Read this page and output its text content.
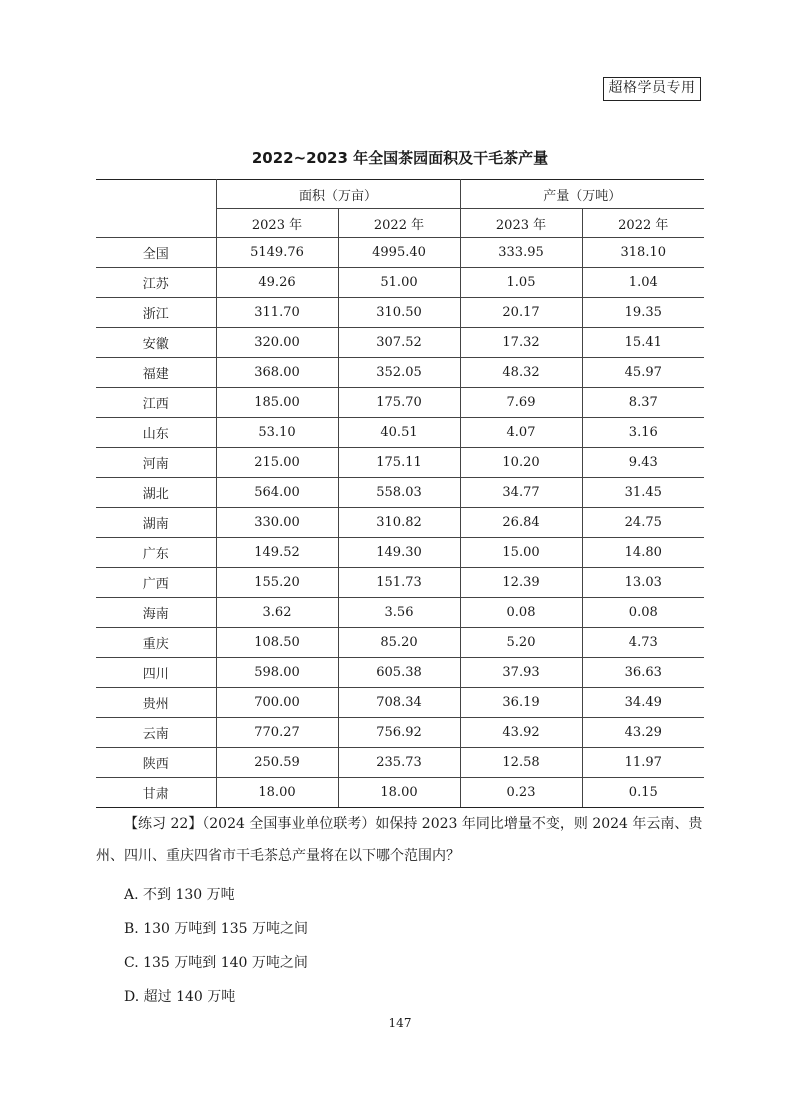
超格学员专用
2022~2023 年全国茶园面积及干毛茶产量
	面积（万亩）		产量（万吨）	
	2023 年	2022 年	2023 年	2022 年
全国	5149.76	4995.40	333.95	318.10
江苏	49.26	51.00	1.05	1.04
浙江	311.70	310.50	20.17	19.35
安徽	320.00	307.52	17.32	15.41
福建	368.00	352.05	48.32	45.97
江西	185.00	175.70	7.69	8.37
山东	53.10	40.51	4.07	3.16
河南	215.00	175.11	10.20	9.43
湖北	564.00	558.03	34.77	31.45
湖南	330.00	310.82	26.84	24.75
广东	149.52	149.30	15.00	14.80
广西	155.20	151.73	12.39	13.03
海南	3.62	3.56	0.08	0.08
重庆	108.50	85.20	5.20	4.73
四川	598.00	605.38	37.93	36.63
贵州	700.00	708.34	36.19	34.49
云南	770.27	756.92	43.92	43.29
陕西	250.59	235.73	12.58	11.97
甘肃	18.00	18.00	0.23	0.15

【练习 22】（2024 全国事业单位联考）如保持 2023 年同比增量不变，则 2024 年云南、贵州、四川、重庆四省市干毛茶总产量将在以下哪个范围内？

A. 不到 130 万吨
B. 130 万吨到 135 万吨之间
C. 135 万吨到 140 万吨之间
D. 超过 140 万吨
147
